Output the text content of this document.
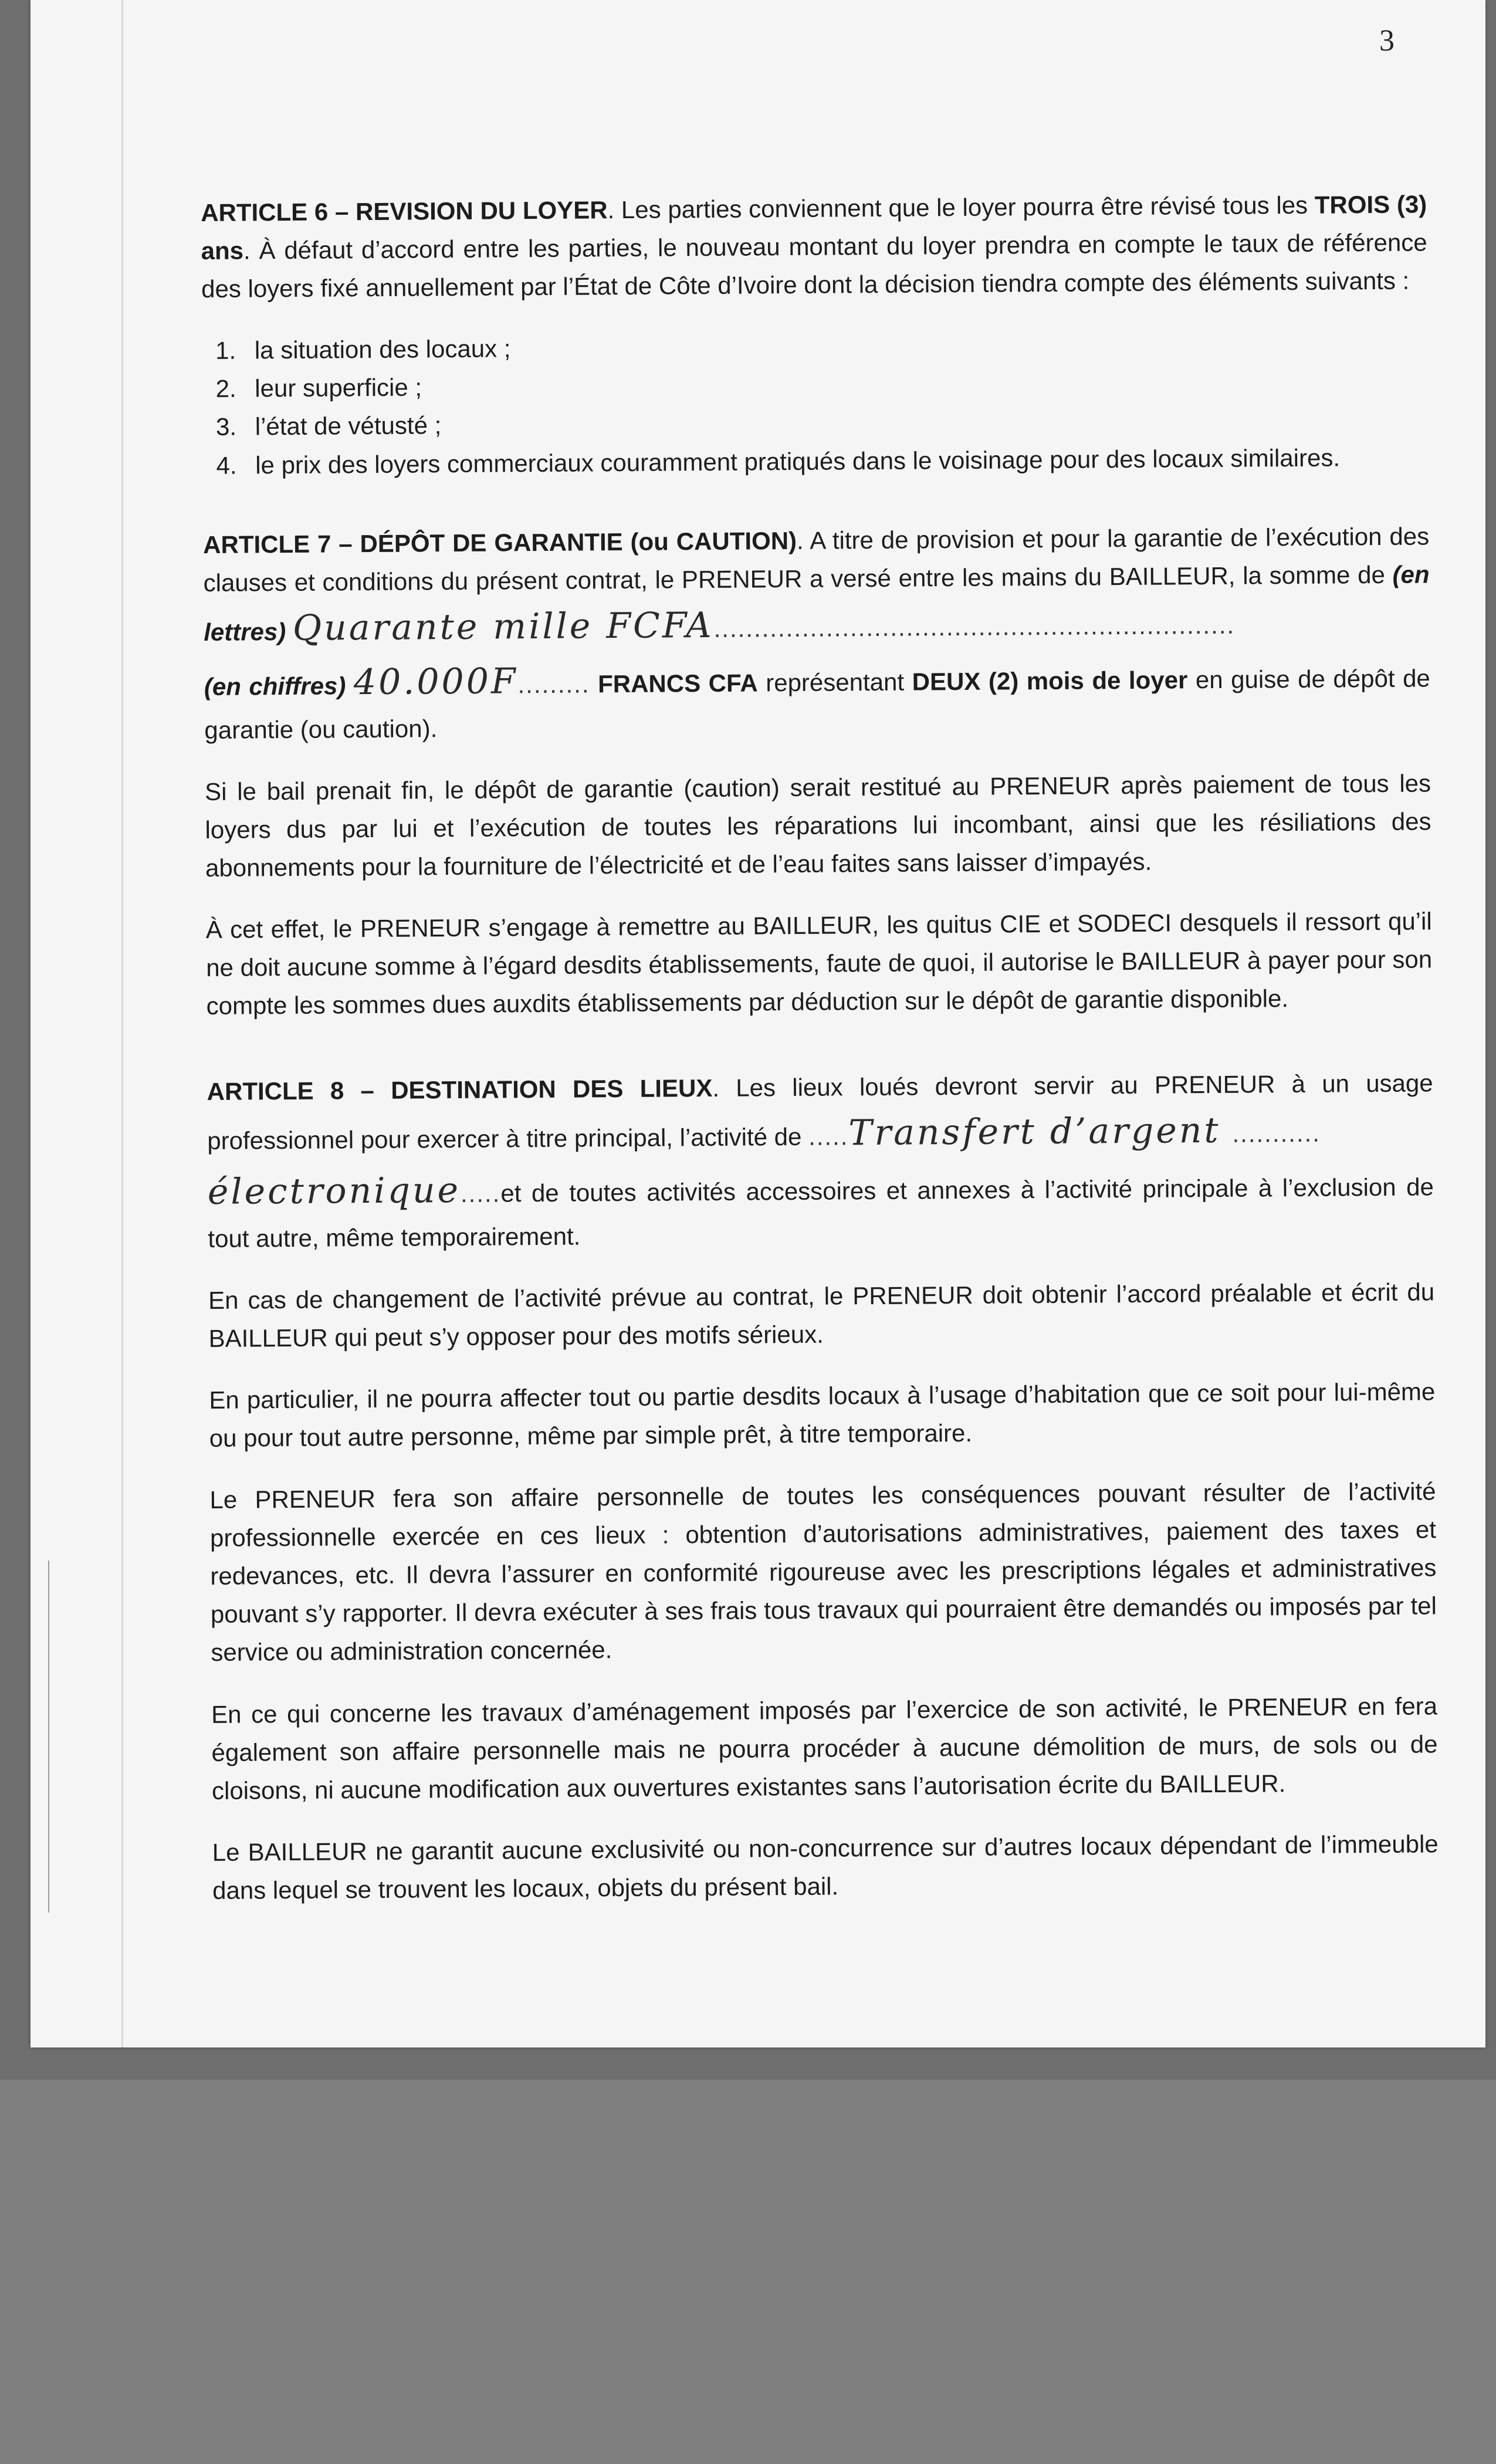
3

ARTICLE 6 – REVISION DU LOYER. Les parties conviennent que le loyer pourra être révisé tous les TROIS (3) ans. À défaut d’accord entre les parties, le nouveau montant du loyer prendra en compte le taux de référence des loyers fixé annuellement par l’État de Côte d’Ivoire dont la décision tiendra compte des éléments suivants :

1. la situation des locaux ;
2. leur superficie ;
3. l’état de vétusté ;
4. le prix des loyers commerciaux couramment pratiqués dans le voisinage pour des locaux similaires.

ARTICLE 7 – DÉPÔT DE GARANTIE (ou CAUTION). A titre de provision et pour la garantie de l’exécution des clauses et conditions du présent contrat, le PRENEUR a versé entre les mains du BAILLEUR, la somme de (en lettres) Quarante mille FCFA.................................................................
(en chiffres) 40.000F......... FRANCS CFA représentant DEUX (2) mois de loyer en guise de dépôt de garantie (ou caution).

Si le bail prenait fin, le dépôt de garantie (caution) serait restitué au PRENEUR après paiement de tous les loyers dus par lui et l’exécution de toutes les réparations lui incombant, ainsi que les résiliations des abonnements pour la fourniture de l’électricité et de l’eau faites sans laisser d’impayés.

À cet effet, le PRENEUR s’engage à remettre au BAILLEUR, les quitus CIE et SODECI desquels il ressort qu’il ne doit aucune somme à l’égard desdits établissements, faute de quoi, il autorise le BAILLEUR à payer pour son compte les sommes dues auxdits établissements par déduction sur le dépôt de garantie disponible.

ARTICLE 8 – DESTINATION DES LIEUX. Les lieux loués devront servir au PRENEUR à un usage professionnel pour exercer à titre principal, l’activité de .....Transfert d’argent ...........
électronique.....et de toutes activités accessoires et annexes à l’activité principale à l’exclusion de tout autre, même temporairement.

En cas de changement de l’activité prévue au contrat, le PRENEUR doit obtenir l’accord préalable et écrit du BAILLEUR qui peut s’y opposer pour des motifs sérieux.

En particulier, il ne pourra affecter tout ou partie desdits locaux à l’usage d’habitation que ce soit pour lui-même ou pour tout autre personne, même par simple prêt, à titre temporaire.

Le PRENEUR fera son affaire personnelle de toutes les conséquences pouvant résulter de l’activité professionnelle exercée en ces lieux : obtention d’autorisations administratives, paiement des taxes et redevances, etc. Il devra l’assurer en conformité rigoureuse avec les prescriptions légales et administratives pouvant s’y rapporter. Il devra exécuter à ses frais tous travaux qui pourraient être demandés ou imposés par tel service ou administration concernée.

En ce qui concerne les travaux d’aménagement imposés par l’exercice de son activité, le PRENEUR en fera également son affaire personnelle mais ne pourra procéder à aucune démolition de murs, de sols ou de cloisons, ni aucune modification aux ouvertures existantes sans l’autorisation écrite du BAILLEUR.

Le BAILLEUR ne garantit aucune exclusivité ou non-concurrence sur d’autres locaux dépendant de l’immeuble dans lequel se trouvent les locaux, objets du présent bail.
